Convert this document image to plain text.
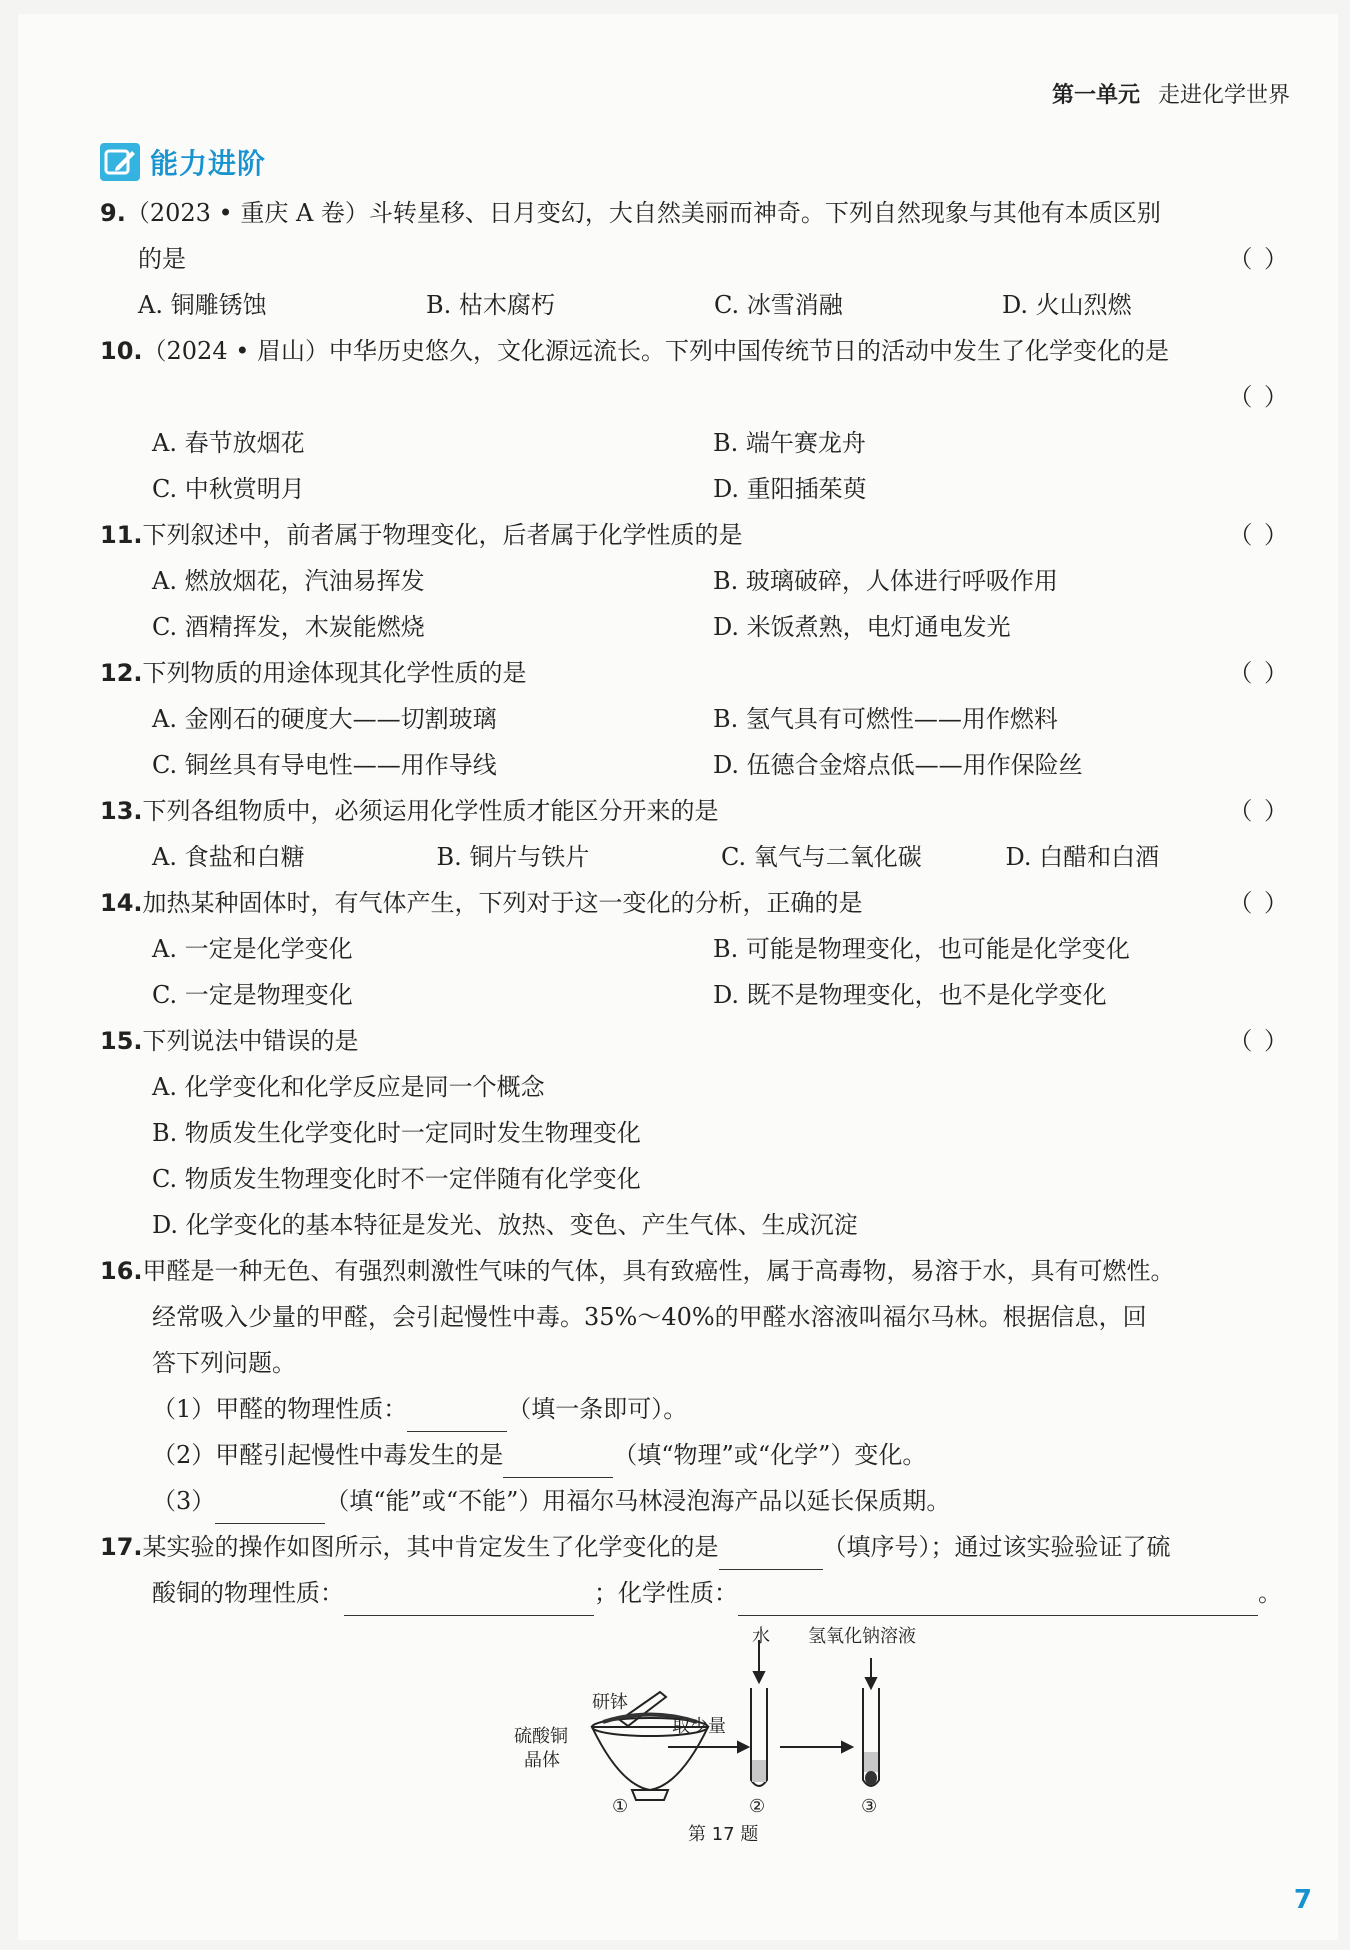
第一单元 走进化学世界
能力进阶
9.（2023 • 重庆 A 卷）斗转星移、日月变幻，大自然美丽而神奇。下列自然现象与其他有本质区别
的是	（ ）
A. 铜雕锈蚀	B. 枯木腐朽	C. 冰雪消融	D. 火山烈燃
10.（2024 • 眉山）中华历史悠久，文化源远流长。下列中国传统节日的活动中发生了化学变化的是
（ ）
A. 春节放烟花	B. 端午赛龙舟
C. 中秋赏明月	D. 重阳插茱萸
11.下列叙述中，前者属于物理变化，后者属于化学性质的是	（ ）
A. 燃放烟花，汽油易挥发	B. 玻璃破碎，人体进行呼吸作用
C. 酒精挥发，木炭能燃烧	D. 米饭煮熟，电灯通电发光
12.下列物质的用途体现其化学性质的是	（ ）
A. 金刚石的硬度大——切割玻璃	B. 氢气具有可燃性——用作燃料
C. 铜丝具有导电性——用作导线	D. 伍德合金熔点低——用作保险丝
13.下列各组物质中，必须运用化学性质才能区分开来的是	（ ）
A. 食盐和白糖	B. 铜片与铁片	C. 氧气与二氧化碳	D. 白醋和白酒
14.加热某种固体时，有气体产生，下列对于这一变化的分析，正确的是	（ ）
A. 一定是化学变化	B. 可能是物理变化，也可能是化学变化
C. 一定是物理变化	D. 既不是物理变化，也不是化学变化
15.下列说法中错误的是	（ ）
A. 化学变化和化学反应是同一个概念
B. 物质发生化学变化时一定同时发生物理变化
C. 物质发生物理变化时不一定伴随有化学变化
D. 化学变化的基本特征是发光、放热、变色、产生气体、生成沉淀
16.甲醛是一种无色、有强烈刺激性气味的气体，具有致癌性，属于高毒物，易溶于水，具有可燃性。
经常吸入少量的甲醛，会引起慢性中毒。35%～40%的甲醛水溶液叫福尔马林。根据信息，回
答下列问题。
（1）甲醛的物理性质：	（填一条即可）。
（2）甲醛引起慢性中毒发生的是	（填“物理”或“化学”）变化。
（3）	（填“能”或“不能”）用福尔马林浸泡海产品以延长保质期。
17.某实验的操作如图所示，其中肯定发生了化学变化的是	（填序号）；通过该实验验证了硫
酸铜的物理性质：	；化学性质：	。
水 氢氧化钠溶液
研钵
硫酸铜
晶体
取少量
①	②	③
第 17 题
7
